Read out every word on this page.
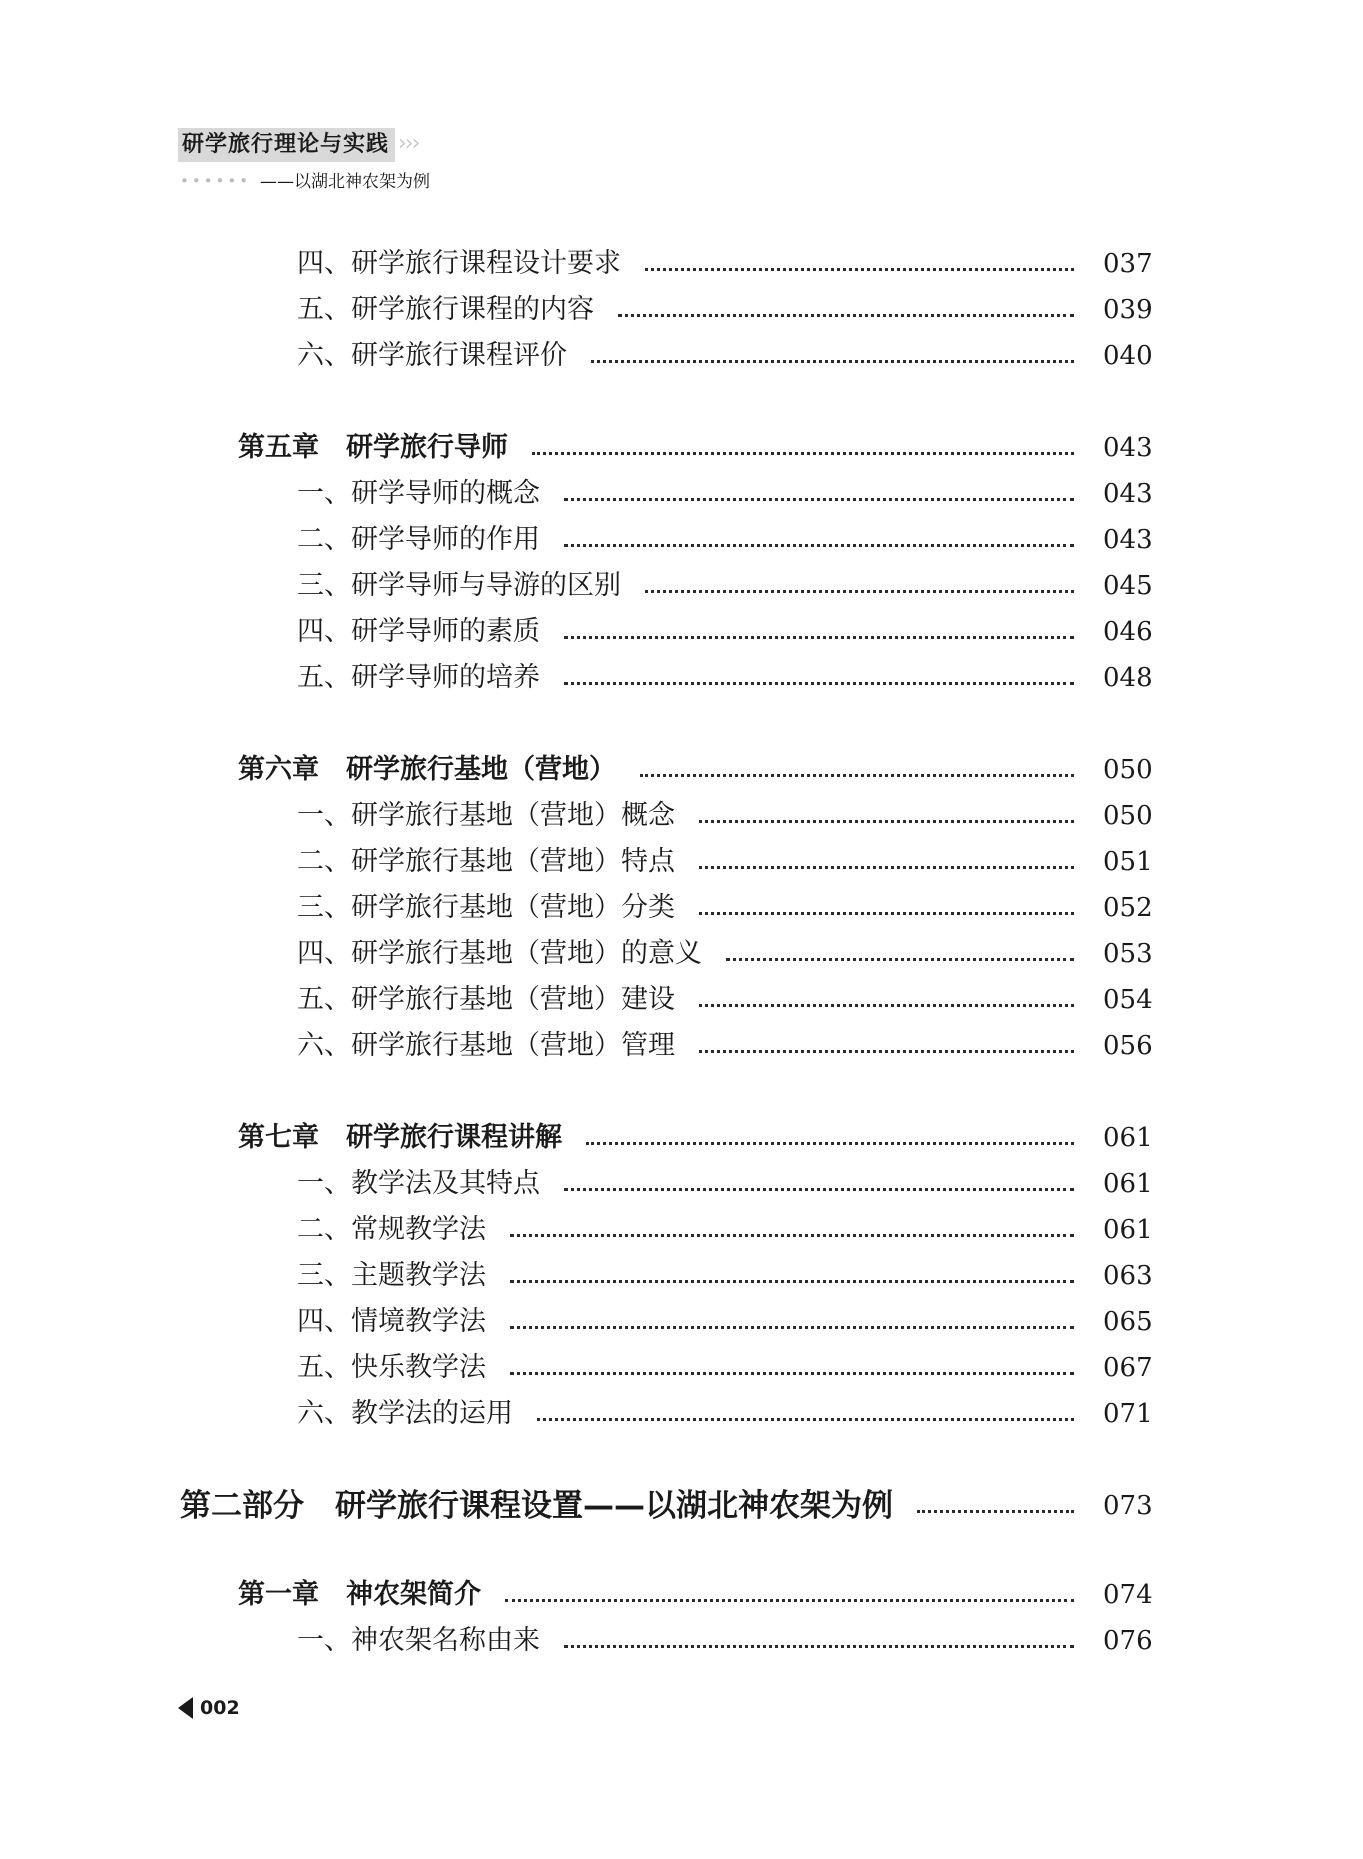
研学旅行理论与实践 ›››
•••••• ——以湖北神农架为例
四、研学旅行课程设计要求	037
五、研学旅行课程的内容	039
六、研学旅行课程评价	040
第五章　研学旅行导师	043
一、研学导师的概念	043
二、研学导师的作用	043
三、研学导师与导游的区别	045
四、研学导师的素质	046
五、研学导师的培养	048
第六章　研学旅行基地（营地）	050
一、研学旅行基地（营地）概念	050
二、研学旅行基地（营地）特点	051
三、研学旅行基地（营地）分类	052
四、研学旅行基地（营地）的意义	053
五、研学旅行基地（营地）建设	054
六、研学旅行基地（营地）管理	056
第七章　研学旅行课程讲解	061
一、教学法及其特点	061
二、常规教学法	061
三、主题教学法	063
四、情境教学法	065
五、快乐教学法	067
六、教学法的运用	071
第二部分　研学旅行课程设置——以湖北神农架为例	073
第一章　神农架简介	074
一、神农架名称由来	076
002
